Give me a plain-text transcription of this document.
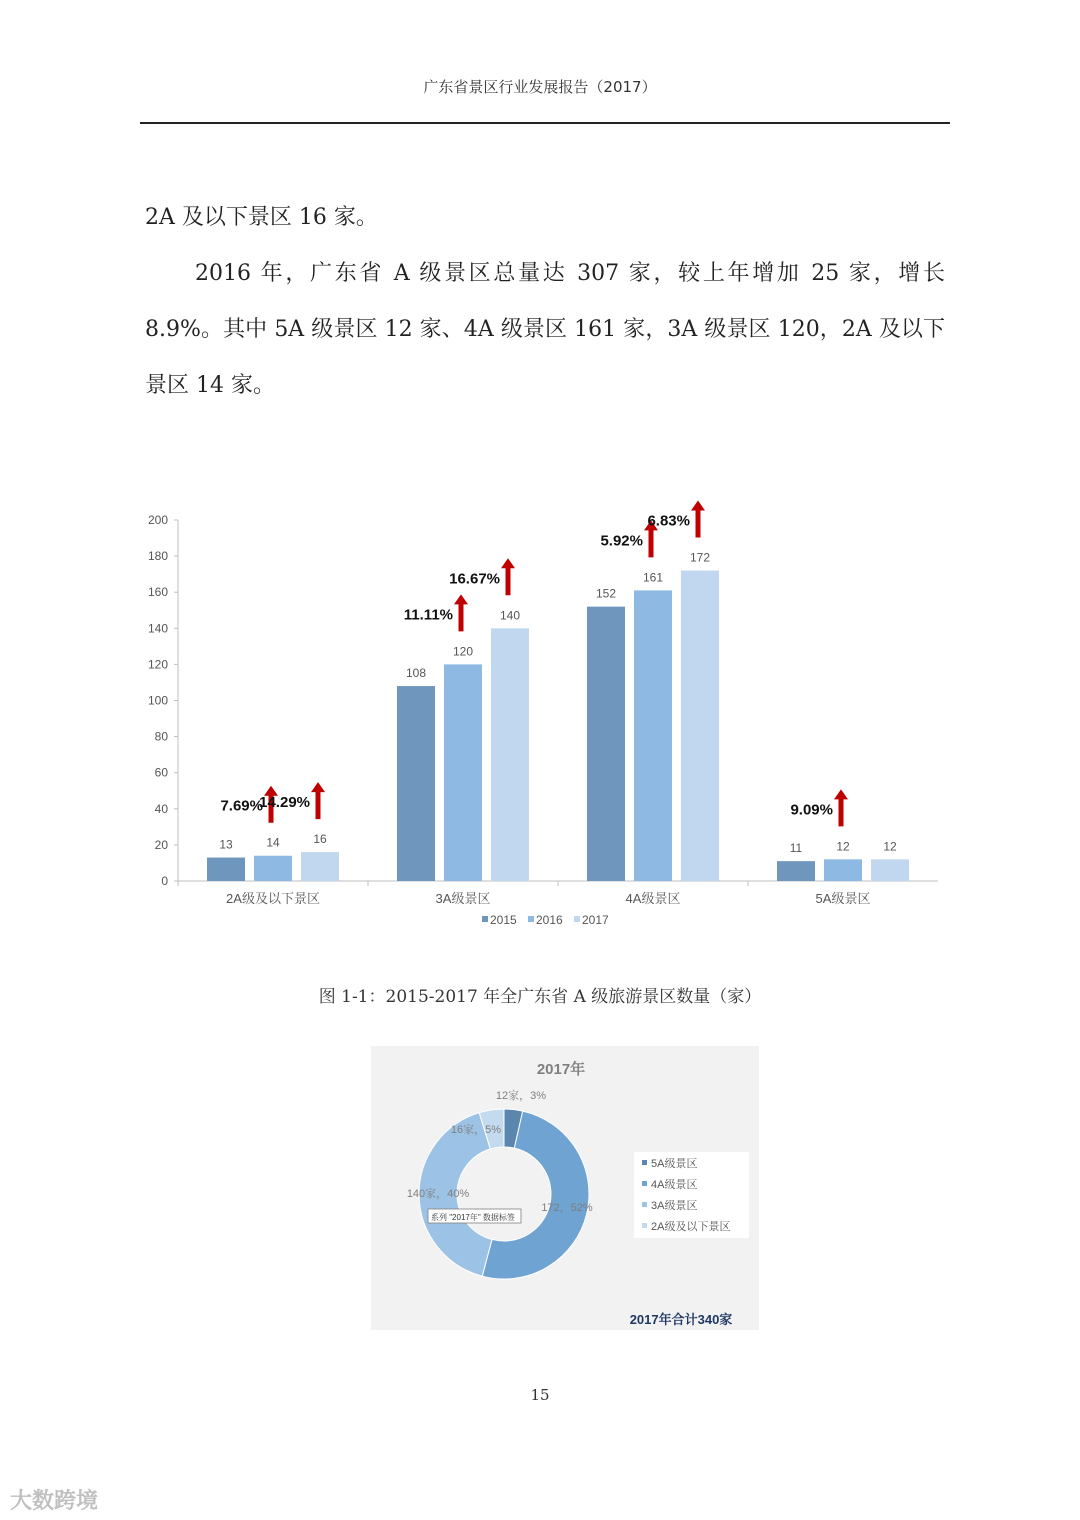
广东省景区行业发展报告（2017）
2A 及以下景区 16 家。
2016 年，广东省 A 级景区总量达 307 家，较上年增加 25 家，增长 8.9%。其中 5A 级景区 12 家、4A 级景区 161 家，3A 级景区 120，2A 及以下景区 14 家。
0
20
40
60
80
100
120
140
160
180
200
2A级及以下景区
13	14	16
7.69%
14.29%
3A级景区
108
120
140
11.11%
16.67%
4A级景区
152
161
172
5.92%
6.83%
5A级景区
11	12	12
9.09%
2015 2016 2017
图 1-1：2015-2017 年全广东省 A 级旅游景区数量（家）
2017年
12家，3%
172，52%
140家，40%
16家，5%
系列 "2017年" 数据标签
5A级景区
4A级景区
3A级景区
2A级及以下景区
2017年合计340家
15
大数跨境
